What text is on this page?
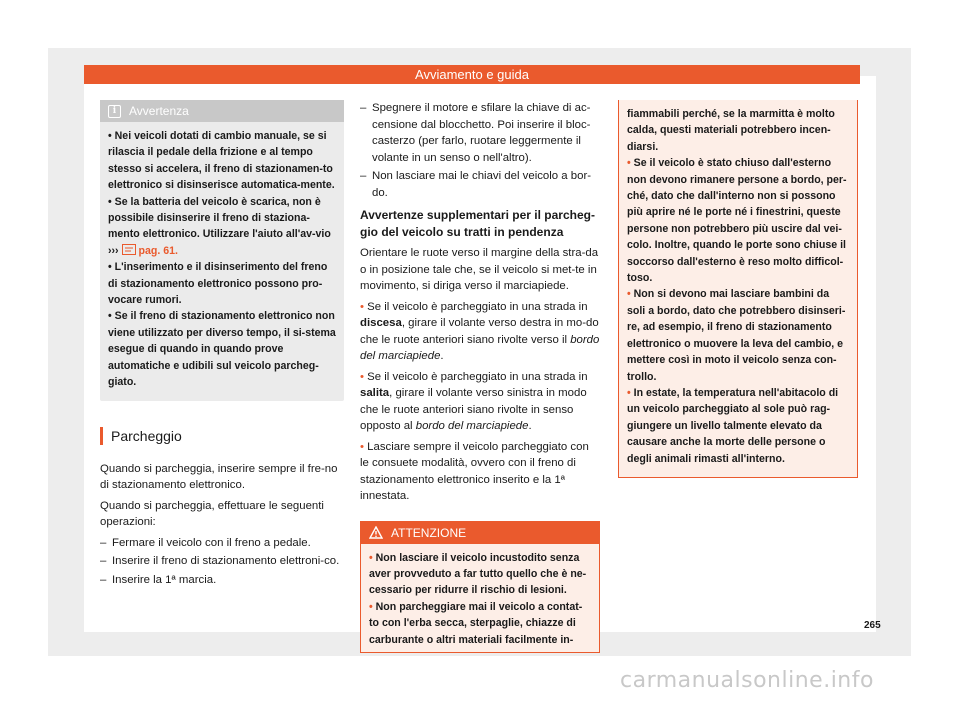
Avviamento e guida
i	Avvertenza

• Nei veicoli dotati di cambio manuale, se si rilascia il pedale della frizione e al tempo stesso si accelera, il freno di stazionamen-to elettronico si disinserisce automatica-mente.

• Se la batteria del veicolo è scarica, non è possibile disinserire il freno di staziona-mento elettronico. Utilizzare l'aiuto all'av-vio ››› pag. 61.

• L'inserimento e il disinserimento del freno di stazionamento elettronico possono pro-vocare rumori.

• Se il freno di stazionamento elettronico non viene utilizzato per diverso tempo, il si-stema esegue di quando in quando prove automatiche e udibili sul veicolo parcheg-giato.

Parcheggio

Quando si parcheggia, inserire sempre il fre-no di stazionamento elettronico.

Quando si parcheggia, effettuare le seguenti operazioni:

– Fermare il veicolo con il freno a pedale.
– Inserire il freno di stazionamento elettroni-co.
– Inserire la 1ª marcia.
– Spegnere il motore e sfilare la chiave di ac-censione dal blocchetto. Poi inserire il bloc-casterzo (per farlo, ruotare leggermente il volante in un senso o nell'altro).
– Non lasciare mai le chiavi del veicolo a bor-do.
Avvertenze supplementari per il parcheg-gio del veicolo su tratti in pendenza

Orientare le ruote verso il margine della stra-da o in posizione tale che, se il veicolo si met-te in movimento, si diriga verso il marciapiede.

• Se il veicolo è parcheggiato in una strada in discesa, girare il volante verso destra in mo-do che le ruote anteriori siano rivolte verso il bordo del marciapiede.

• Se il veicolo è parcheggiato in una strada in salita, girare il volante verso sinistra in modo che le ruote anteriori siano rivolte in senso opposto al bordo del marciapiede.

• Lasciare sempre il veicolo parcheggiato con le consuete modalità, ovvero con il freno di stazionamento elettronico inserito e la 1ª innestata.

ATTENZIONE

• Non lasciare il veicolo incustodito senza aver provveduto a far tutto quello che è ne-cessario per ridurre il rischio di lesioni.

• Non parcheggiare mai il veicolo a contat-to con l'erba secca, sterpaglie, chiazze di carburante o altri materiali facilmente in-

fiammabili perché, se la marmitta è molto calda, questi materiali potrebbero incen-diarsi.

• Se il veicolo è stato chiuso dall'esterno non devono rimanere persone a bordo, per-ché, dato che dall'interno non si possono più aprire né le porte né i finestrini, queste persone non potrebbero più uscire dal vei-colo. Inoltre, quando le porte sono chiuse il soccorso dall'esterno è reso molto difficol-toso.

• Non si devono mai lasciare bambini da soli a bordo, dato che potrebbero disinseri-re, ad esempio, il freno di stazionamento elettronico o muovere la leva del cambio, e mettere così in moto il veicolo senza con-trollo.

• In estate, la temperatura nell'abitacolo di un veicolo parcheggiato al sole può rag-giungere un livello talmente elevato da causare anche la morte delle persone o degli animali rimasti all'interno.

265
carmanualsonline.info
